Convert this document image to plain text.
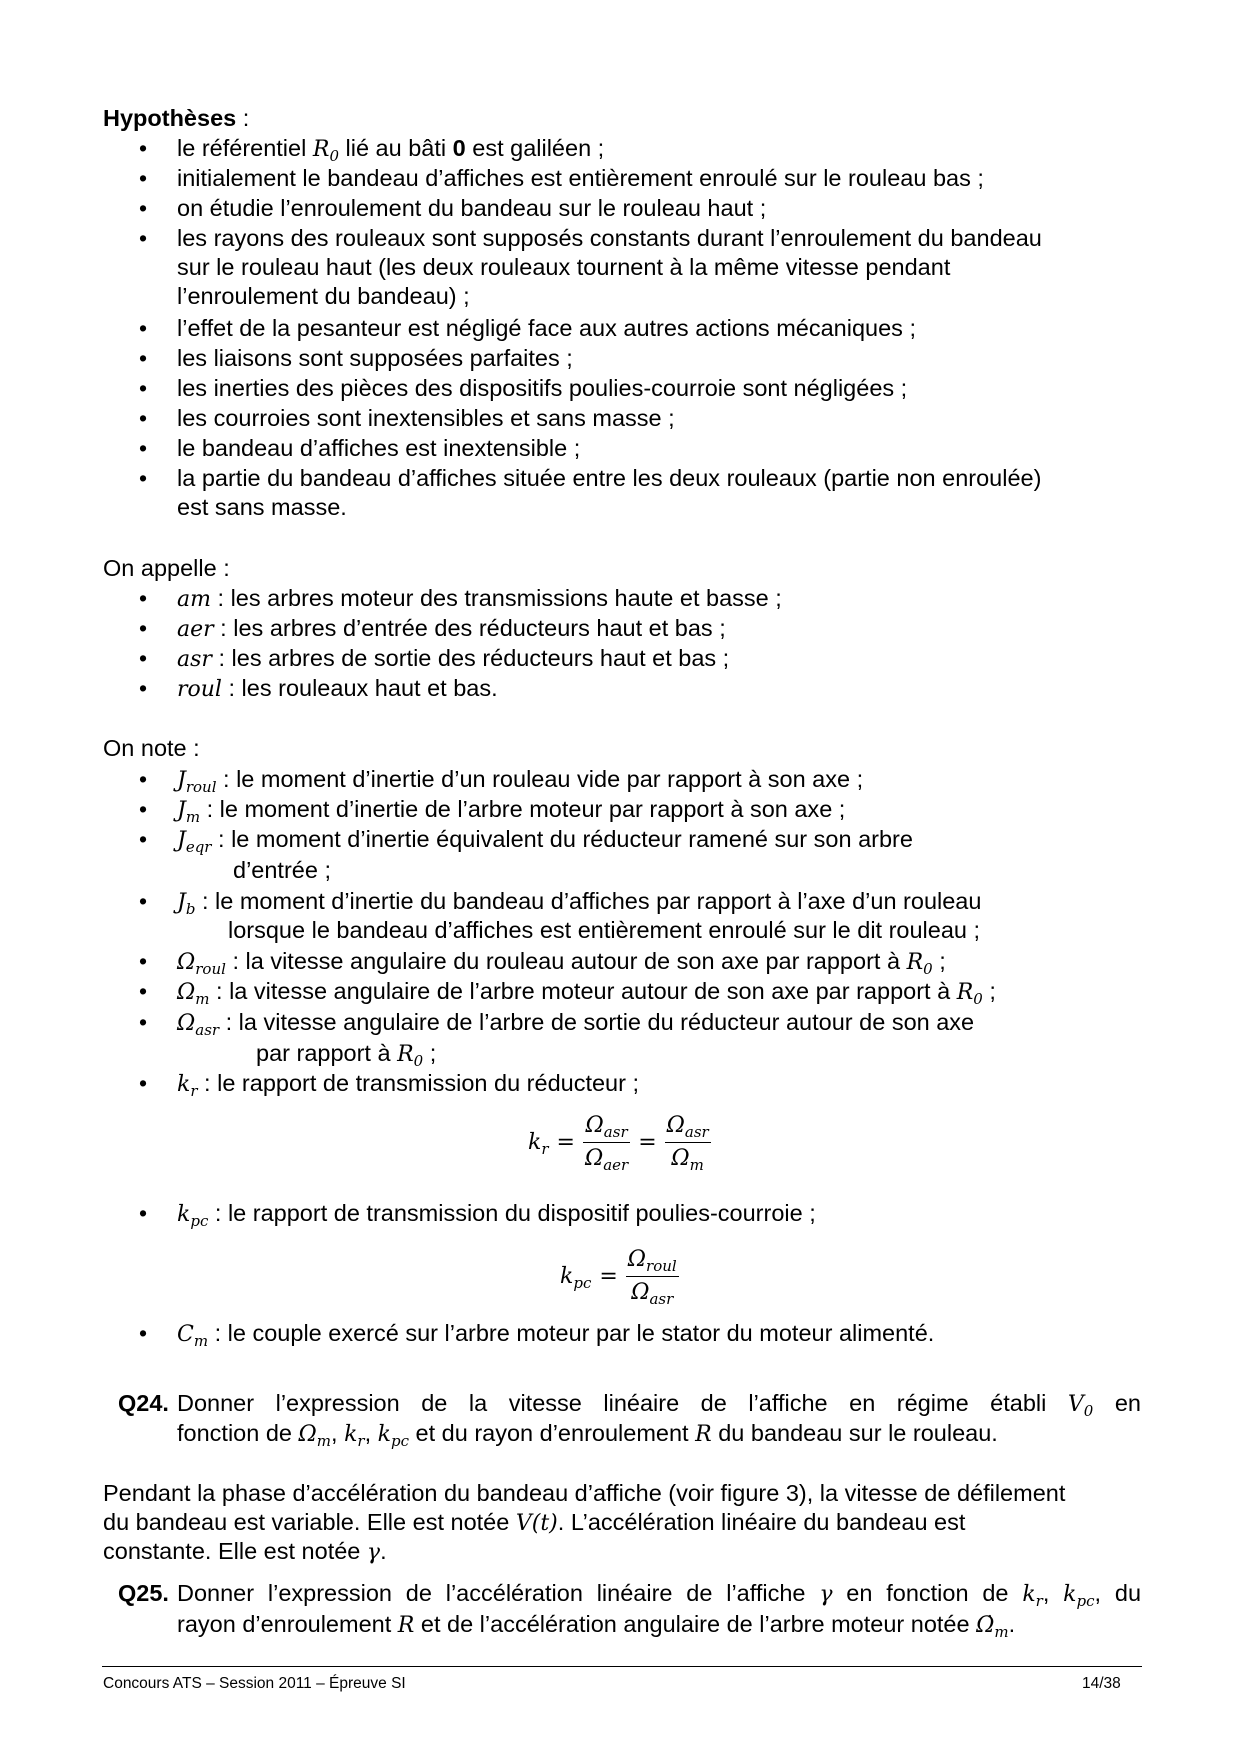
Hypothèses :
•
le référentiel $R_0$ lié au bâti 0 est galiléen ;
•
initialement le bandeau d’affiches est entièrement enroulé sur le rouleau bas ;
•
on étudie l’enroulement du bandeau sur le rouleau haut ;
•
les rayons des rouleaux sont supposés constants durant l’enroulement du bandeau
sur le rouleau haut (les deux rouleaux tournent à la même vitesse pendant
l’enroulement du bandeau) ;
•
l’effet de la pesanteur est négligé face aux autres actions mécaniques ;
•
les liaisons sont supposées parfaites ;
•
les inerties des pièces des dispositifs poulies-courroie sont négligées ;
•
les courroies sont inextensibles et sans masse ;
•
le bandeau d’affiches est inextensible ;
•
la partie du bandeau d’affiches située entre les deux rouleaux (partie non enroulée)
est sans masse.
On appelle :
•
am : les arbres moteur des transmissions haute et basse ;
•
aer : les arbres d’entrée des réducteurs haut et bas ;
•
asr : les arbres de sortie des réducteurs haut et bas ;
•
roul : les rouleaux haut et bas.
On note :
•
$J_{roul}$ : le moment d’inertie d’un rouleau vide par rapport à son axe ;
•
$J_m$ : le moment d’inertie de l’arbre moteur par rapport à son axe ;
•
$J_{eqr}$ : le moment d’inertie équivalent du réducteur ramené sur son arbre
d’entrée ;
•
$J_b$ : le moment d’inertie du bandeau d’affiches par rapport à l’axe d’un rouleau
lorsque le bandeau d’affiches est entièrement enroulé sur le dit rouleau ;
•
$\Omega_{roul}$ : la vitesse angulaire du rouleau autour de son axe par rapport à $R_0$ ;
•
$\Omega_m$ : la vitesse angulaire de l’arbre moteur autour de son axe par rapport à $R_0$ ;
•
$\Omega_{asr}$ : la vitesse angulaire de l’arbre de sortie du réducteur autour de son axe
par rapport à $R_0$ ;
•
$k_r$ : le rapport de transmission du réducteur ;
$k_r = \frac{\Omega_{asr}}{\Omega_{aer}} = \frac{\Omega_{asr}}{\Omega_m}$
•
$k_{pc}$ : le rapport de transmission du dispositif poulies-courroie ;
$k_{pc} = \frac{\Omega_{roul}}{\Omega_{asr}}$
•
$C_m$ : le couple exercé sur l’arbre moteur par le stator du moteur alimenté.
Q24. Donner l’expression de la vitesse linéaire de l’affiche en régime établi $V_0$ en
fonction de $\Omega_m$, $k_r$, $k_{pc}$ et du rayon d’enroulement R du bandeau sur le rouleau.
Pendant la phase d’accélération du bandeau d’affiche (voir figure 3), la vitesse de défilement
du bandeau est variable. Elle est notée V(t). L’accélération linéaire du bandeau est
constante. Elle est notée γ.
Q25. Donner l’expression de l’accélération linéaire de l’affiche γ en fonction de $k_r$, $k_{pc}$, du
rayon d’enroulement R et de l’accélération angulaire de l’arbre moteur notée $\Omegȧ_m$.
Concours ATS – Session 2011 – Épreuve SI	14/38
